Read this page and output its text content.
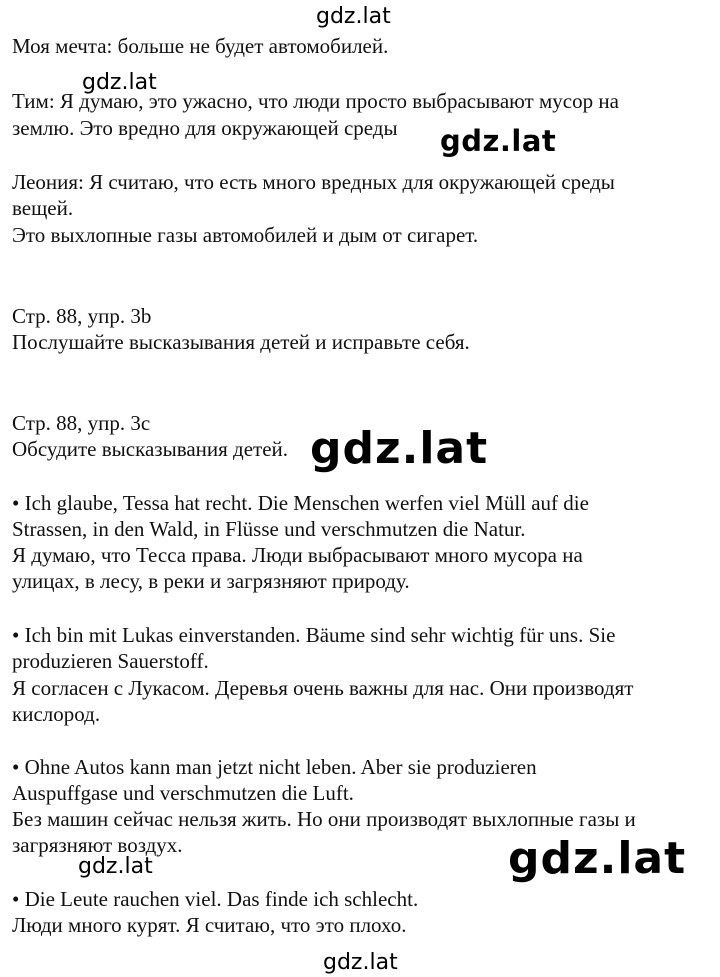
Моя мечта: больше не будет автомобилей.

Тим: Я думаю, это ужасно, что люди просто выбрасывают мусор на

землю. Это вредно для окружающей среды

Леония: Я считаю, что есть много вредных для окружающей среды

вещей.

Это выхлопные газы автомобилей и дым от сигарет.

Стр. 88, упр. 3b

Послушайте высказывания детей и исправьте себя.

Стр. 88, упр. 3c

Обсудите высказывания детей.

• Ich glaube, Tessa hat recht. Die Menschen werfen viel Müll auf die

Strassen, in den Wald, in Flüsse und verschmutzen die Natur.

Я думаю, что Тесса права. Люди выбрасывают много мусора на

улицах, в лесу, в реки и загрязняют природу.

• Ich bin mit Lukas einverstanden. Bäume sind sehr wichtig für uns. Sie

produzieren Sauerstoff.

Я согласен с Лукасом. Деревья очень важны для нас. Они производят

кислород.

• Ohne Autos kann man jetzt nicht leben. Aber sie produzieren

Auspuffgase und verschmutzen die Luft.

Без машин сейчас нельзя жить. Но они производят выхлопные газы и

загрязняют воздух.

• Die Leute rauchen viel. Das finde ich schlecht.

Люди много курят. Я считаю, что это плохо.

gdz.lat
gdz.lat
gdz.lat
gdz.lat
gdz.lat
gdz.lat
gdz.lat
